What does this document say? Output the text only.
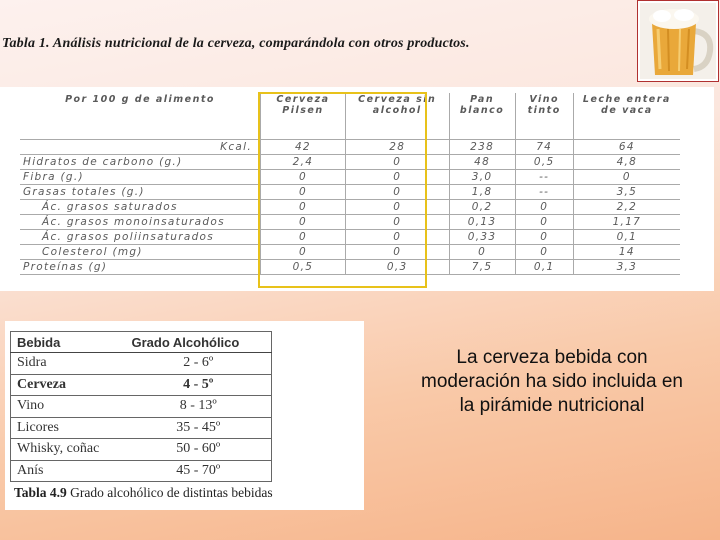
Tabla 1. Análisis nutricional de la cerveza, comparándola con otros productos.
Por 100 g de alimento	Cerveza Pilsen	Cerveza sin alcohol	Pan blanco	Vino tinto	Leche entera de vaca
Kcal.	42	28	238	74	64
Hidratos de carbono (g.)	2,4	0	48	0,5	4,8
Fibra (g.)	0	0	3,0	--	0
Grasas totales (g.)	0	0	1,8	--	3,5
Ác. grasos saturados	0	0	0,2	0	2,2
Ác. grasos monoinsaturados	0	0	0,13	0	1,17
Ác. grasos poliinsaturados	0	0	0,33	0	0,1
Colesterol (mg)	0	0	0	0	14
Proteínas (g)	0,5	0,3	7,5	0,1	3,3
Bebida	Grado Alcohólico
Sidra	2 - 6º
Cerveza	4 - 5º
Vino	8 - 13º
Licores	35 - 45º
Whisky, coñac	50 - 60º
Anís	45 - 70º

Tabla 4.9 Grado alcohólico de distintas bebidas

La cerveza bebida con moderación ha sido incluida en la pirámide nutricional
